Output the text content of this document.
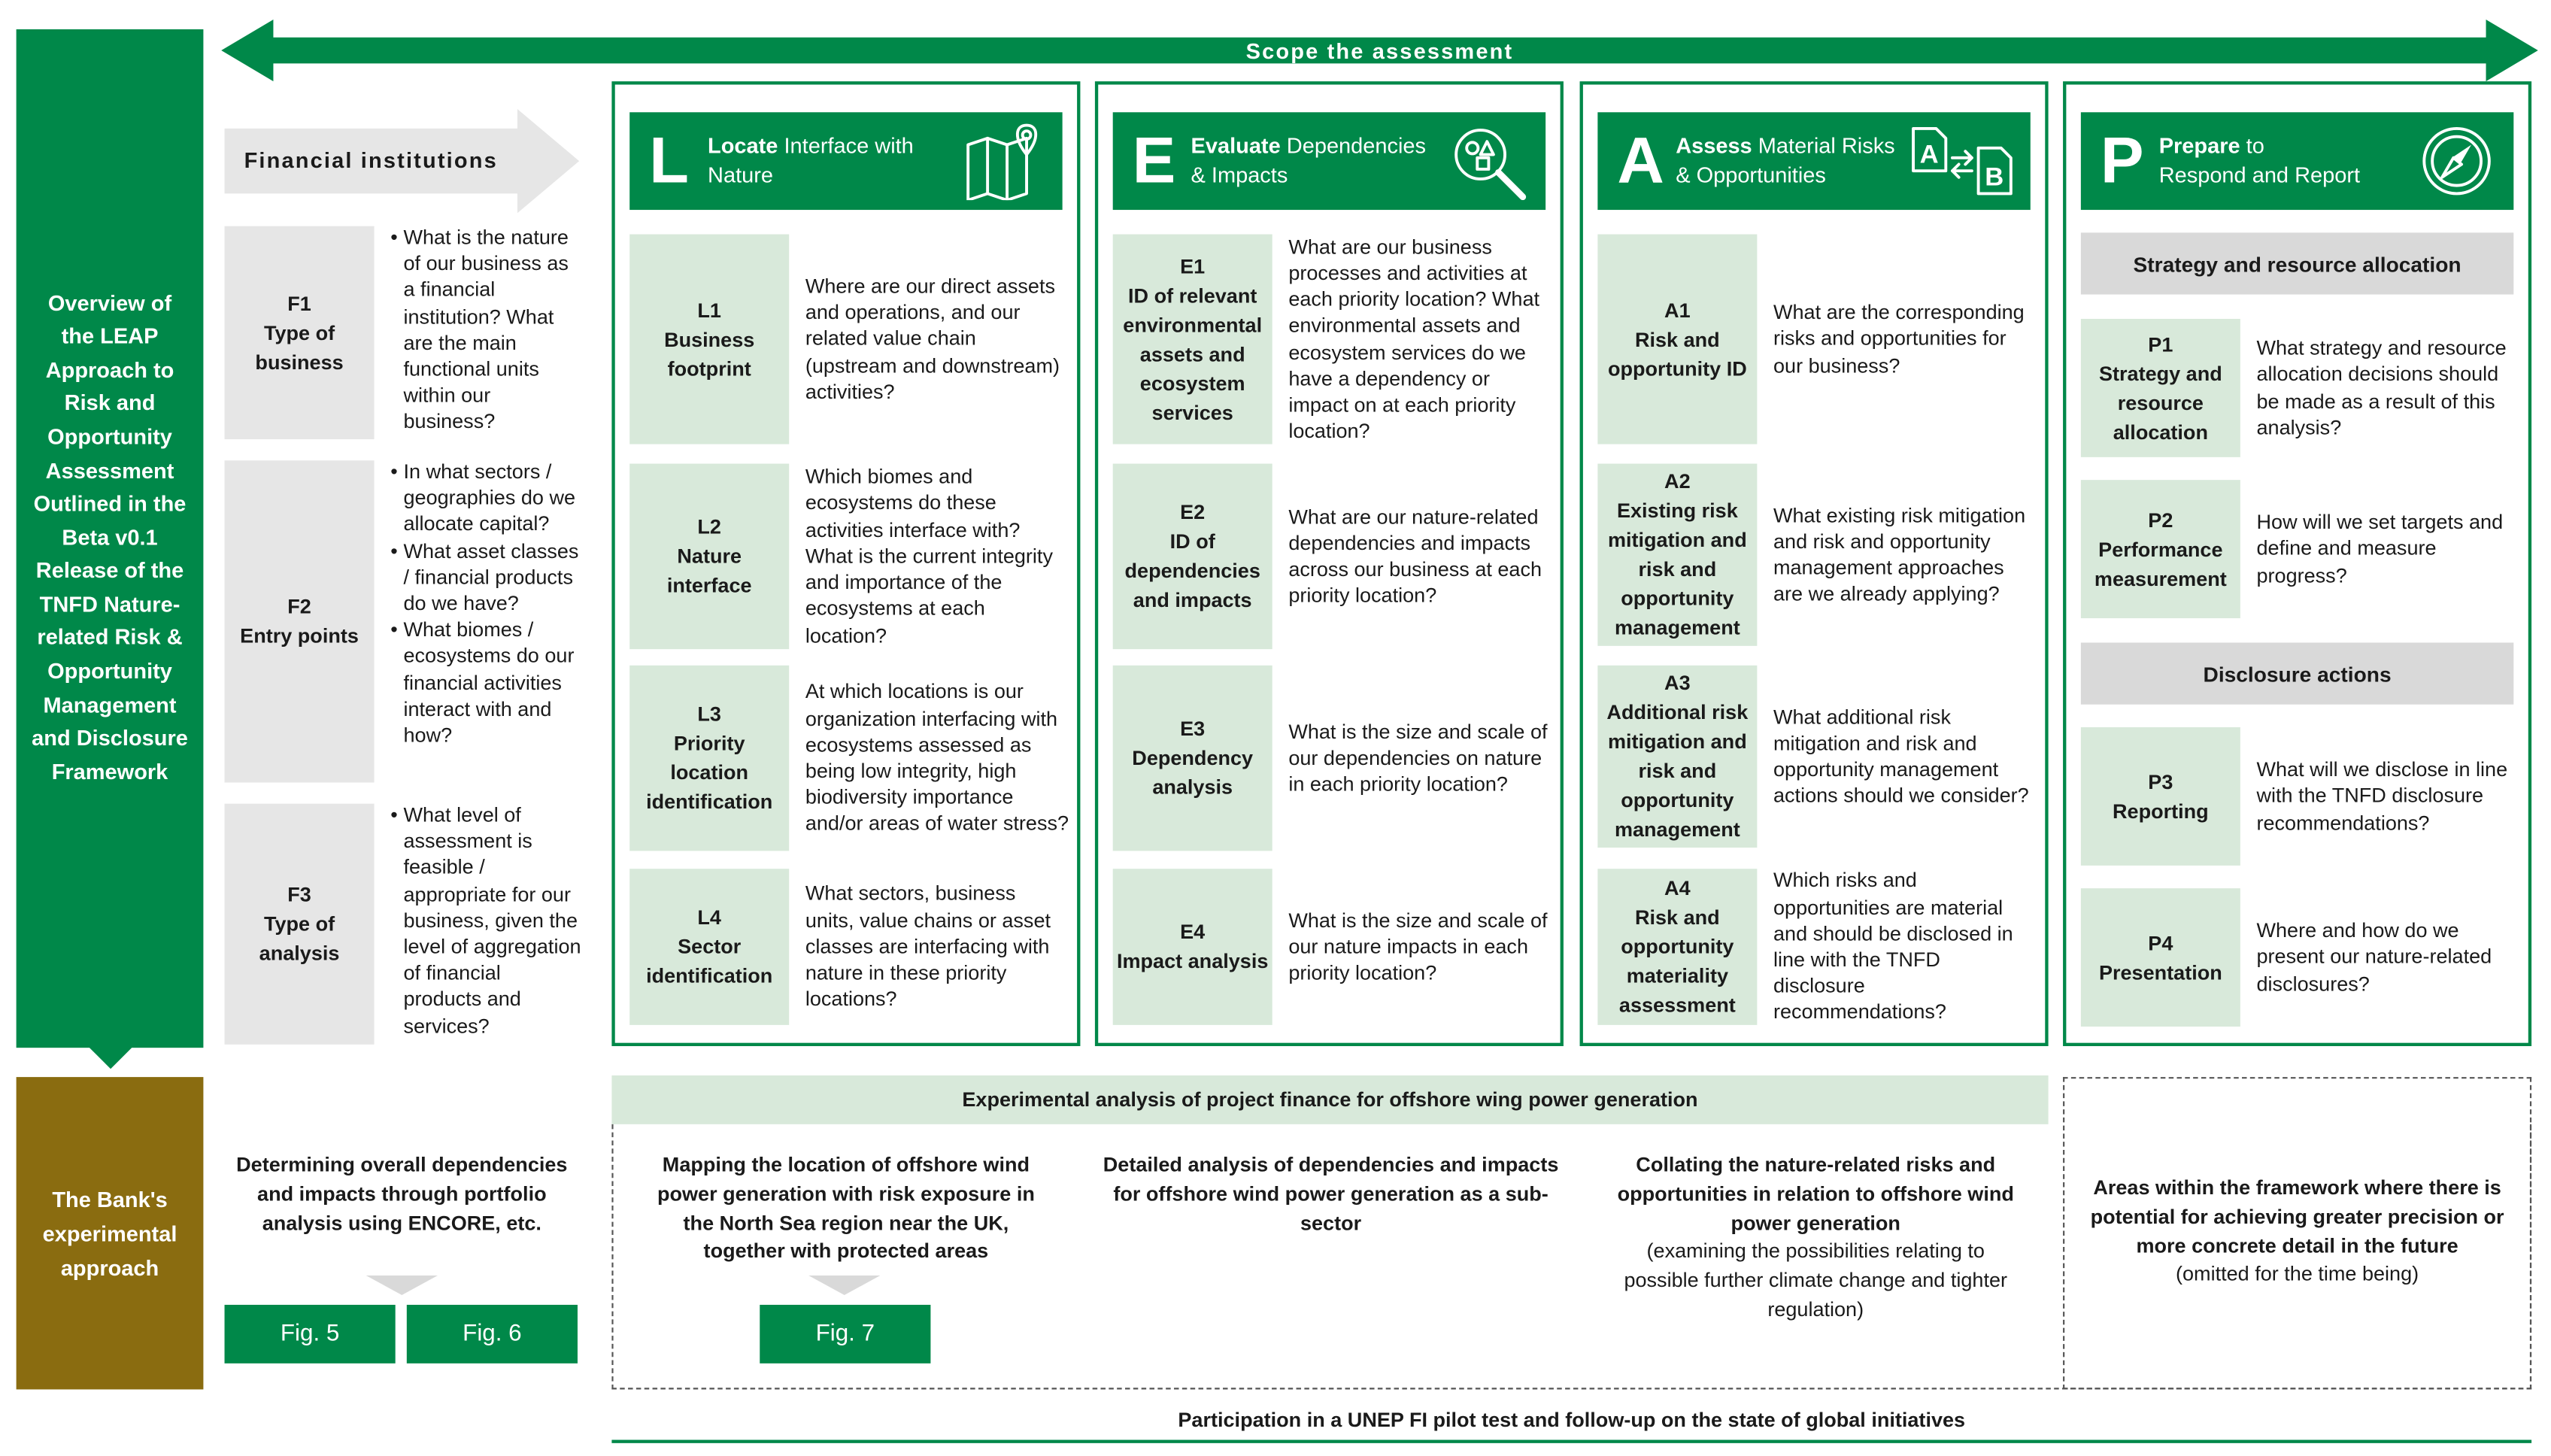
Scope the assessment
Overview of the LEAP Approach to Risk and Opportunity Assessment Outlined in the Beta v0.1 Release of the TNFD Nature-related Risk & Opportunity Management and Disclosure Framework
The Bank's experimental approach
Financial institutions
F1
Type of business
• What is the nature of our business as a financial institution? What are the main functional units within our business?
F2
Entry points
• In what sectors / geographies do we allocate capital?
• What asset classes / financial products do we have?
• What biomes / ecosystems do our financial activities interact with and how?
F3
Type of analysis
• What level of assessment is feasible / appropriate for our business, given the level of aggregation of financial products and services?
L Locate Interface with
Nature
L1
Business footprint
Where are our direct assets and operations, and our related value chain (upstream and downstream) activities?
L2
Nature interface
Which biomes and ecosystems do these activities interface with? What is the current integrity and importance of the ecosystems at each location?
L3
Priority location identification
At which locations is our organization interfacing with ecosystems assessed as being low integrity, high biodiversity importance and/or areas of water stress?
L4
Sector identification
What sectors, business units, value chains or asset classes are interfacing with nature in these priority locations?
E Evaluate Dependencies
& Impacts
E1
ID of relevant environmental assets and ecosystem services
What are our business processes and activities at each priority location? What environmental assets and ecosystem services do we have a dependency or impact on at each priority location?
E2
ID of dependencies and impacts
What are our nature-related dependencies and impacts across our business at each priority location?
E3
Dependency analysis
What is the size and scale of our dependencies on nature in each priority location?
E4
Impact analysis
What is the size and scale of our nature impacts in each priority location?
A Assess Material Risks
& Opportunities
A
B
A1
Risk and opportunity ID
What are the corresponding risks and opportunities for our business?
A2
Existing risk mitigation and risk and opportunity management
What existing risk mitigation and risk and opportunity management approaches are we already applying?
A3
Additional risk mitigation and risk and opportunity management
What additional risk mitigation and risk and opportunity management actions should we consider?
A4
Risk and opportunity materiality assessment
Which risks and opportunities are material and should be disclosed in line with the TNFD disclosure recommendations?
P Prepare to
Respond and Report
Strategy and resource allocation
Disclosure actions
P1
Strategy and resource allocation
What strategy and resource allocation decisions should be made as a result of this analysis?
P2
Performance measurement
How will we set targets and define and measure progress?
P3
Reporting
What will we disclose in line with the TNFD disclosure recommendations?
P4
Presentation
Where and how do we present our nature-related disclosures?
Experimental analysis of project finance for offshore wing power generation
Determining overall dependencies and impacts through portfolio analysis using ENCORE, etc.
Mapping the location of offshore wind power generation with risk exposure in the North Sea region near the UK, together with protected areas
Detailed analysis of dependencies and impacts for offshore wind power generation as a sub-sector
Collating the nature-related risks and opportunities in relation to offshore wind power generation
(examining the possibilities relating to possible further climate change and tighter regulation)
Areas within the framework where there is potential for achieving greater precision or more concrete detail in the future
(omitted for the time being)
Fig. 5	Fig. 6	Fig. 7
Participation in a UNEP FI pilot test and follow-up on the state of global initiatives
